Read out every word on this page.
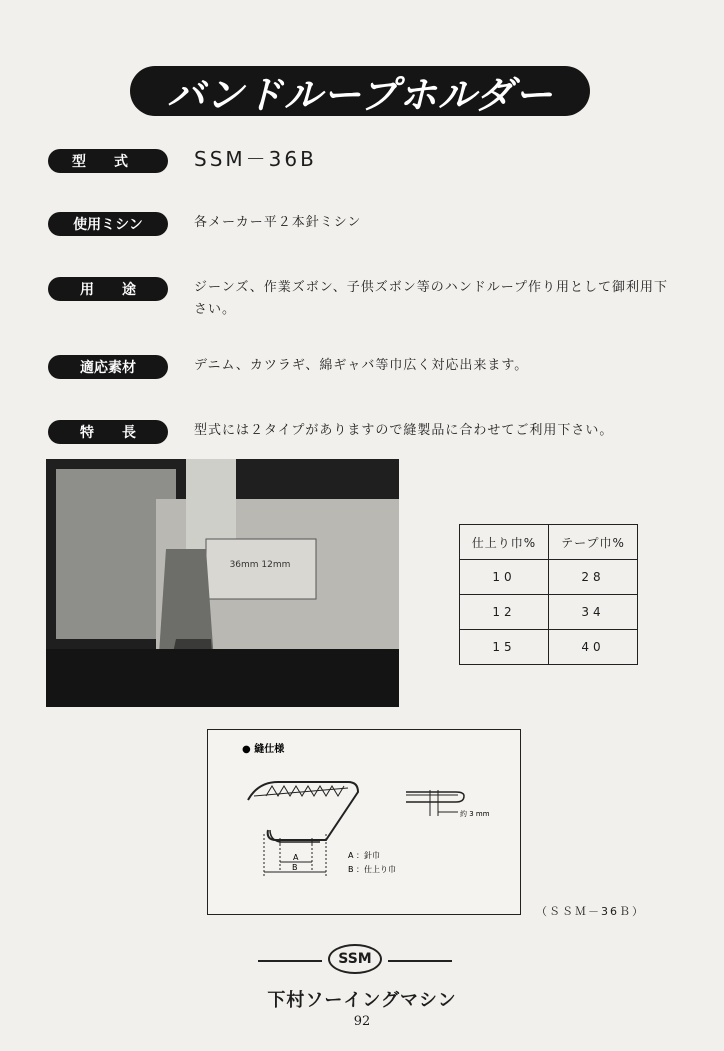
バンドループホルダー
型　　式	SSM－36B
使用ミシン	各メーカー平２本針ミシン
用　　途	ジーンズ、作業ズボン、子供ズボン等のハンドループ作り用として御利用下さい。
適応素材	デニム、カツラギ、綿ギャバ等巾広く対応出来ます。
特　　長	型式には２タイプがありますので縫製品に合わせてご利用下さい。
36mm 12mm
仕上り巾%	テープ巾%
10	28
12	34
15	40
● 縫仕様
A
B
約 3 mm
A ：針巾
B ：仕上り巾
（ＳＳＭ－36Ｂ）
SSM
下村ソーイングマシン
92
